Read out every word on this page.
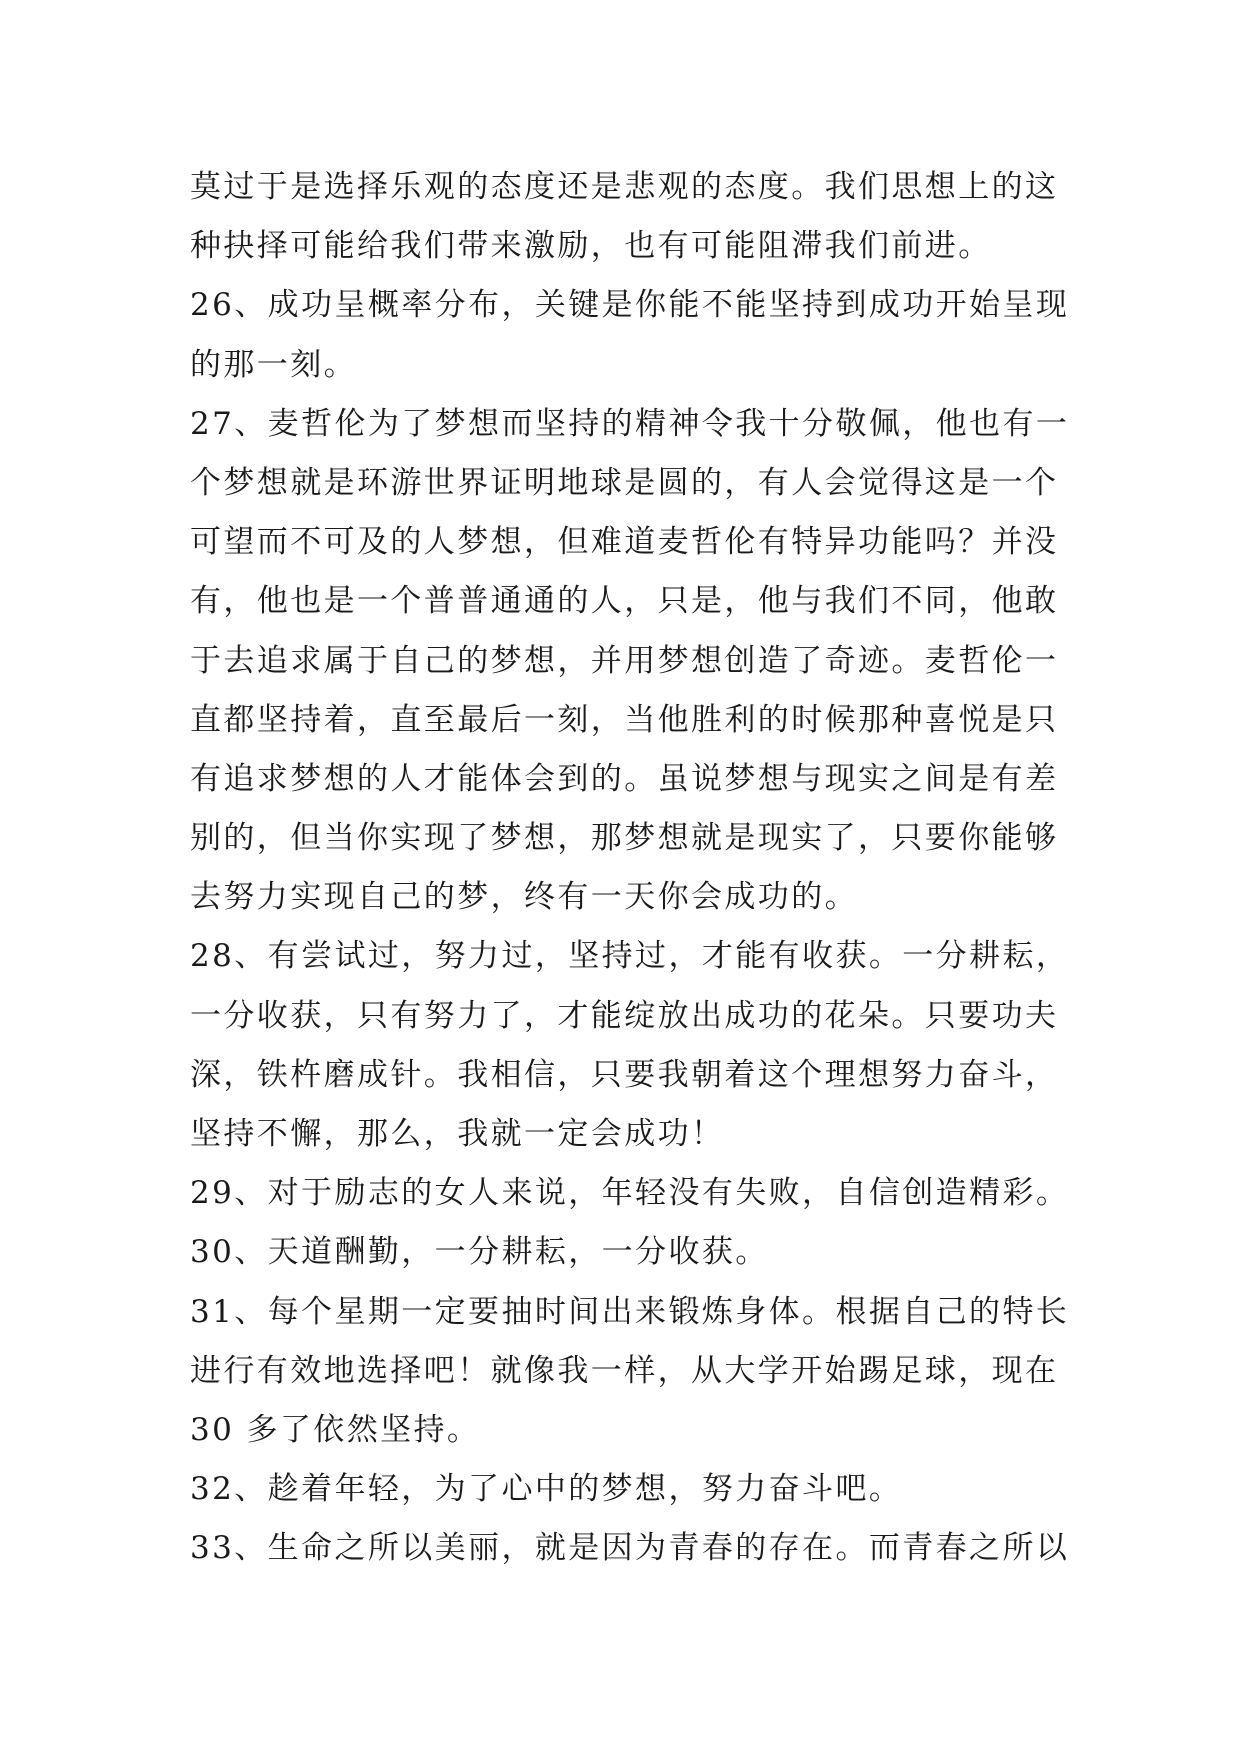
莫过于是选择乐观的态度还是悲观的态度。我们思想上的这
种抉择可能给我们带来激励，也有可能阻滞我们前进。
26、成功呈概率分布，关键是你能不能坚持到成功开始呈现
的那一刻。
27、麦哲伦为了梦想而坚持的精神令我十分敬佩，他也有一
个梦想就是环游世界证明地球是圆的，有人会觉得这是一个
可望而不可及的人梦想，但难道麦哲伦有特异功能吗？并没
有，他也是一个普普通通的人，只是，他与我们不同，他敢
于去追求属于自己的梦想，并用梦想创造了奇迹。麦哲伦一
直都坚持着，直至最后一刻，当他胜利的时候那种喜悦是只
有追求梦想的人才能体会到的。虽说梦想与现实之间是有差
别的，但当你实现了梦想，那梦想就是现实了，只要你能够
去努力实现自己的梦，终有一天你会成功的。
28、有尝试过，努力过，坚持过，才能有收获。一分耕耘，
一分收获，只有努力了，才能绽放出成功的花朵。只要功夫
深，铁杵磨成针。我相信，只要我朝着这个理想努力奋斗，
坚持不懈，那么，我就一定会成功！
29、对于励志的女人来说，年轻没有失败，自信创造精彩。
30、天道酬勤，一分耕耘，一分收获。
31、每个星期一定要抽时间出来锻炼身体。根据自己的特长
进行有效地选择吧！就像我一样，从大学开始踢足球，现在
30 多了依然坚持。
32、趁着年轻，为了心中的梦想，努力奋斗吧。
33、生命之所以美丽，就是因为青春的存在。而青春之所以
